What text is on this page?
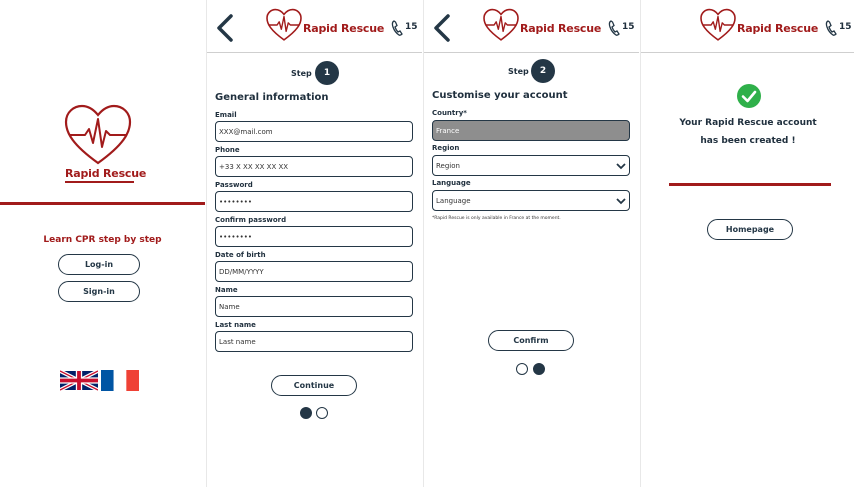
Rapid Rescue
Learn CPR step by step
Log-in
Sign-in
Rapid Rescue 15
Step	1
General information
Email
XXX@mail.com
Phone
+33 X XX XX XX XX
Password
••••••••
Confirm password
••••••••
Date of birth
DD/MM/YYYY
Name
Name
Last name
Last name
Continue
Rapid Rescue 15
Step	2
Customise your account
Country*
France
Region
Region
Language
Language
*Rapid Rescue is only available in France at the moment.
Confirm
Rapid Rescue 15
Your Rapid Rescue account
has been created !
Homepage
